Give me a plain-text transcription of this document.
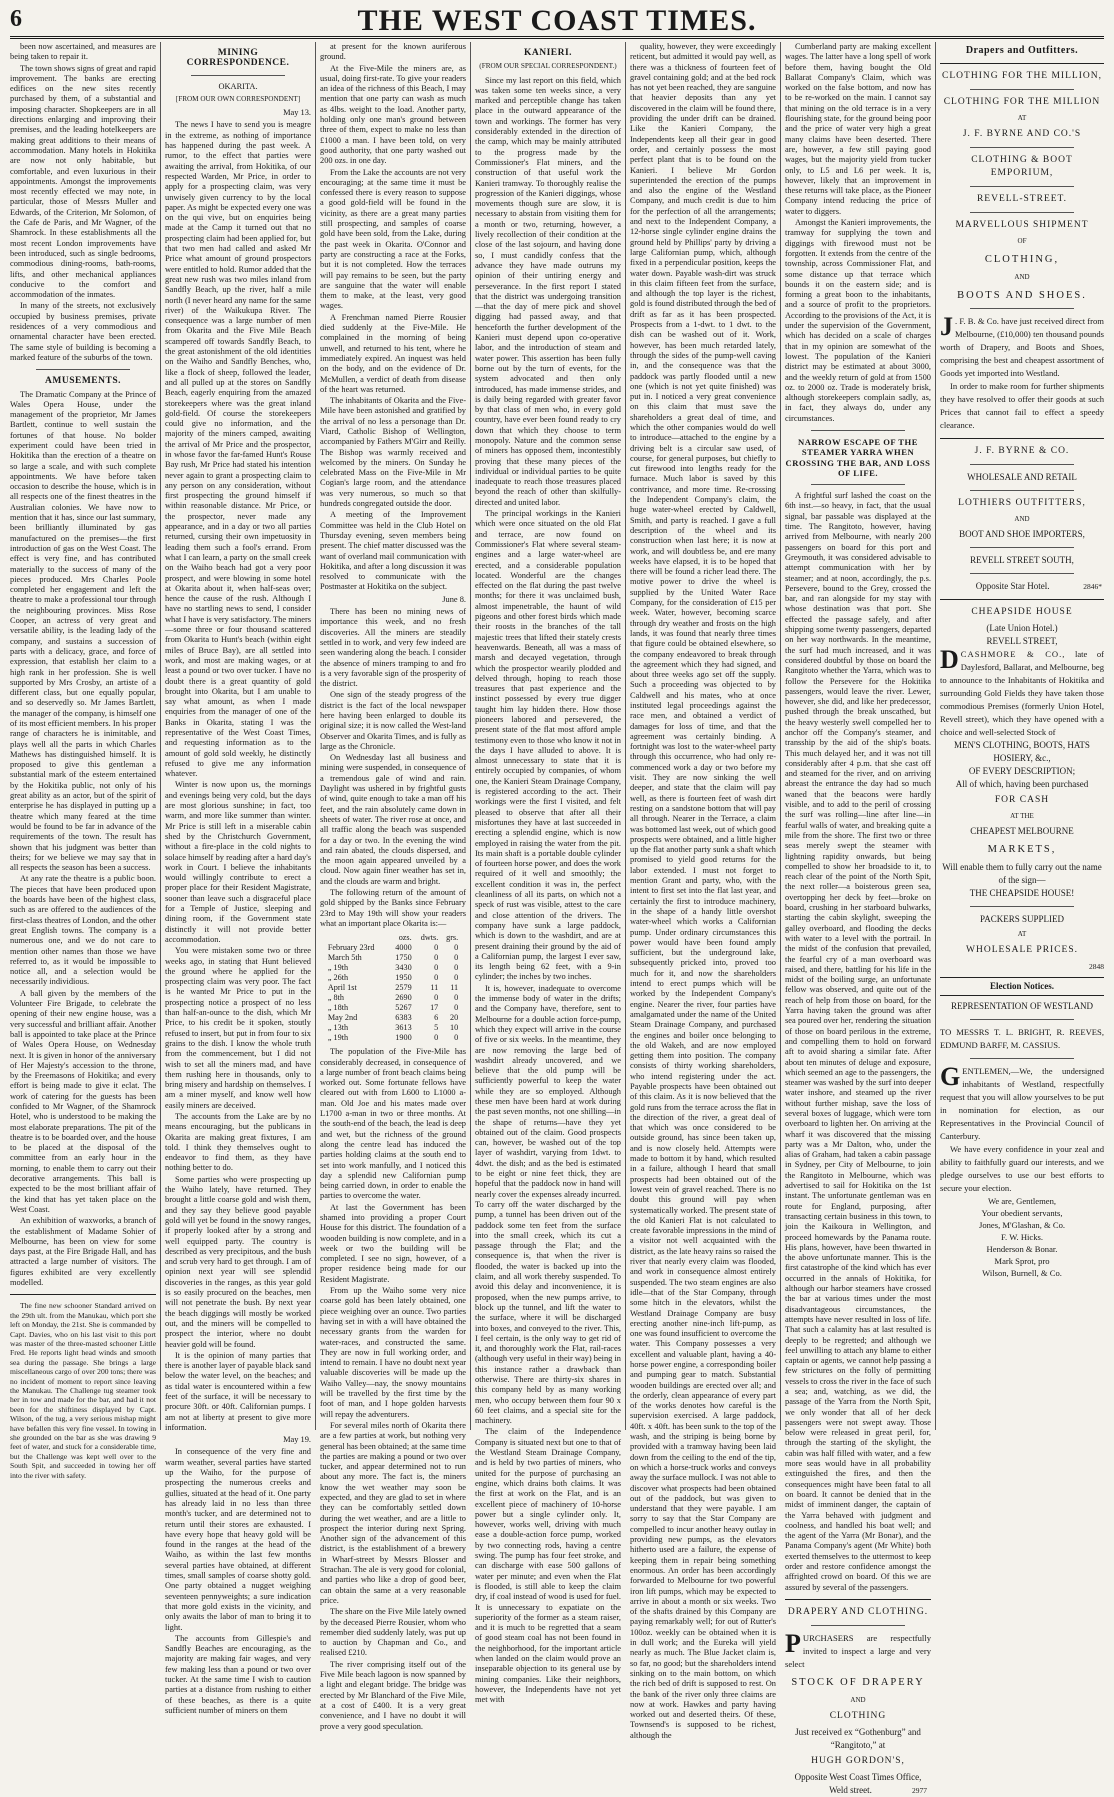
6	THE WEST COAST TIMES.

been now ascertained, and measures are being taken to repair it.

The town shows signs of great and rapid improvement. The banks are erecting edifices on the new sites recently purchased by them, of a substantial and imposing character. Shopkeepers are in all directions enlarging and improving their premises, and the leading hotelkeepers are making great additions to their means of accommodation. Many hotels in Hokitika are now not only habitable, but comfortable, and even luxurious in their appointments. Amongst the improvements most recently effected we may note, in particular, those of Messrs Muller and Edwards, of the Criterion, Mr Solomon, of the Cafe de Paris, and Mr Wagner, of the Shamrock. In these establishments all the most recent London improvements have been introduced, such as single bedrooms, commodious dining-rooms, bath-rooms, lifts, and other mechanical appliances conducive to the comfort and accommodation of the inmates.

In many of the streets, not exclusively occupied by business premises, private residences of a very commodious and ornamental character have been erected. The same style of building is becoming a marked feature of the suburbs of the town.

AMUSEMENTS.

The Dramatic Company at the Prince of Wales Opera House, under the management of the proprietor, Mr James Bartlett, continue to well sustain the fortunes of that house. No bolder experiment could have been tried in Hokitika than the erection of a theatre on so large a scale, and with such complete appointments. We have before taken occasion to describe the house, which is in all respects one of the finest theatres in the Australian colonies. We have now to mention that it has, since our last summary, been brilliantly illuminated by gas manufactured on the premises—the first introduction of gas on the West Coast. The effect is very fine, and has contributed materially to the success of many of the pieces produced. Mrs Charles Poole completed her engagement and left the theatre to make a professional tour through the neighbouring provinces. Miss Rose Cooper, an actress of very great and versatile ability, is the leading lady of the company, and sustains a succession of parts with a delicacy, grace, and force of expression, that establish her claim to a high rank in her profession. She is well supported by Mrs Crosby, an artiste of a different class, but one equally popular, and so deservedly so. Mr James Bartlett, the manager of the company, is himself one of its most efficient members. In his proper range of characters he is inimitable, and plays well all the parts in which Charles Mathews has distinguished himself. It is proposed to give this gentleman a substantial mark of the esteem entertained by the Hokitika public, not only of his great ability as an actor, but of the spirit of enterprise he has displayed in putting up a theatre which many feared at the time would be found to be far in advance of the requirements of the town. The result has shown that his judgment was better than theirs; for we believe we may say that in all respects the season has been a success.

At any rate the theatre is a public boon. The pieces that have been produced upon the boards have been of the highest class, such as are offered to the audiences of the first-class theatres of London, and the other great English towns. The company is a numerous one, and we do not care to mention other names than those we have referred to, as it would be impossible to notice all, and a selection would be necessarily individious.

A ball given by the members of the Volunteer Fire Brigade, to celebrate the opening of their new engine house, was a very successful and brilliant affair. Another ball is appointed to take place at the Prince of Wales Opera House, on Wednesday next. It is given in honor of the anniversary of Her Majesty's accession to the throne, by the Freemasons of Hokitika; and every effort is being made to give it eclat. The work of catering for the guests has been confided to Mr Wagner, of the Shamrock Hotel, who is understood to be making the most elaborate preparations. The pit of the theatre is to be boarded over, and the house to be placed at the disposal of the committee from an early hour in the morning, to enable them to carry out their decorative arrangements. This ball is expected to be the most brilliant affair of the kind that has yet taken place on the West Coast.

An exhibition of waxworks, a branch of the establishment of Madame Sohier of Melbourne, has been on view for some days past, at the Fire Brigade Hall, and has attracted a large number of visitors. The figures exhibited are very excellently modelled.

The fine new schooner Standard arrived on the 29th ult. from the Manukau, which port she left on Monday, the 21st. She is commanded by Capt. Davies, who on his last visit to this port was master of the three-masted schooner Little Fred. He reports light head winds and smooth sea during the passage. She brings a large miscellaneous cargo of over 200 tons; there was no incident of moment to report since leaving the Manukau. The Challenge tug steamer took her in tow and made for the bar, and had it not been for the shiftiness displayed by Capt. Wilson, of the tug, a very serious mishap might have befallen this very fine vessel. In towing in she grounded on the bar as she was drawing 9 feet of water, and stuck for a considerable time, but the Challenge was kept well over to the South Spit, and succeeded in towing her off into the river with safety.

MINING CORRESPONDENCE.
OKARITA.
[FROM OUR OWN CORRESPONDENT]
May 13.

The news I have to send you is meagre in the extreme, as nothing of importance has happened during the past week. A rumor, to the effect that parties were awaiting the arrival, from Hokitika, of our respected Warden, Mr Price, in order to apply for a prospecting claim, was very unwisely given currency to by the local paper. As might be expected every one was on the qui vive, but on enquiries being made at the Camp it turned out that no prospecting claim had been applied for, but that two men had called and asked Mr Price what amount of ground prospectors were entitled to hold. Rumor added that the great new rush was two miles inland from Sandfly Beach, up the river, half a mile north (I never heard any name for the same river) of the Waikukupa River. The consequence was a large number of men from Okarita and the Five Mile Beach scampered off towards Sandfly Beach, to the great astonishment of the old identities on the Waiho and Sandfly Benches, who, like a flock of sheep, followed the leader, and all pulled up at the stores on Sandfly Beach, eagerly enquiring from the amazed storekeepers where was the great inland gold-field. Of course the storekeepers could give no information, and the majority of the miners camped, awaiting the arrival of Mr Price and the prospector, in whose favor the far-famed Hunt's Rouse Bay rush, Mr Price had stated his intention never again to grant a prospecting claim to any person on any consideration, without first prospecting the ground himself if within reasonable distance. Mr Price, or the prospector, never made any appearance, and in a day or two all parties returned, cursing their own impetuosity in leading them such a fool's errand. From what I can learn, a party on the small creek on the Waiho beach had got a very poor prospect, and were blowing in some hotel at Okarita about it, when half-seas over; hence the cause of the rush. Although I have no startling news to send, I consider what I have is very satisfactory. The miners—some three or four thousand scattered from Okarita to Hunt's beach (within eight miles of Bruce Bay), are all settled into work, and most are making wages, or at least a pound or two over tucker. I have no doubt there is a great quantity of gold brought into Okarita, but I am unable to say what amount, as when I made enquiries from the manager of one of the Banks in Okarita, stating I was the representative of the West Coast Times, and requesting information as to the amount of gold sold weekly, he distinctly refused to give me any information whatever.

Winter is now upon us, the mornings and evenings being very cold, but the days are most glorious sunshine; in fact, too warm, and more like summer than winter. Mr Price is still left in a miserable cabin shed by the Christchurch Government, without a fire-place in the cold nights to solace himself by reading after a hard day's work in Court. I believe the inhabitants would willingly contribute to erect a proper place for their Resident Magistrate, sooner than leave such a disgraceful place for a Temple of Justice, sleeping and dining room, if the Government state distinctly it will not provide better accommodation.

You were mistaken some two or three weeks ago, in stating that Hunt believed the ground where he applied for the prospecting claim was very poor. The fact is he wanted Mr Price to put in the prospecting notice a prospect of no less than half-an-ounce to the dish, which Mr Price, to his credit be it spoken, stoutly refused to insert, but put in from four to six grains to the dish. I know the whole truth from the commencement, but I did not wish to set all the miners mad, and have them rushing here in thousands, only to bring misery and hardship on themselves. I am a miner myself, and know well how easily miners are deceived.

The accounts from the Lake are by no means encouraging, but the publicans in Okarita are making great fixtures, I am told. I think they themselves ought to endeavor to find them, as they have nothing better to do.

Some parties who were prospecting up the Waiho lately, have returned. They brought a little coarse gold and wish them, and they say they believe good payable gold will yet be found in the snowy ranges, if properly looked after by a strong and well equipped party. The country is described as very precipitous, and the bush and scrub very hard to get through. I am of opinion next year will see splendid discoveries in the ranges, as this year gold is so easily procured on the beaches, men will not penetrate the bush. By next year the beach diggings will mostly be worked out, and the miners will be compelled to prospect the interior, where no doubt heavier gold will be found.

It is the opinion of many parties that there is another layer of payable black sand below the water level, on the beaches; and as tidal water is encountered within a few feet of the surface, it will be necessary to procure 30ft. or 40ft. Californian pumps. I am not at liberty at present to give more information.

May 19.

In consequence of the very fine and warm weather, several parties have started up the Waiho, for the purpose of prospecting the numerous creeks and gullies, situated at the head of it. One party has already laid in no less than three month's tucker, and are determined not to return until their stores are exhausted. I have every hope that heavy gold will be found in the ranges at the head of the Waiho, as within the last few months several parties have obtained, at different times, small samples of coarse shotty gold. One party obtained a nugget weighing seventeen pennyweights; a sure indication that more gold exists in the vicinity, and only awaits the labor of man to bring it to light.

The accounts from Gillespie's and Sandfly Beaches are encouraging, as the majority are making fair wages, and very few making less than a pound or two over tucker. At the same time I wish to caution parties at a distance from rushing to either of these beaches, as there is a quite sufficient number of miners on them

at present for the known auriferous ground.

At the Five-Mile the miners are, as usual, doing first-rate. To give your readers an idea of the richness of this Beach, I may mention that one party can wash as much as 4lbs. weight to the load. Another party, holding only one man's ground between three of them, expect to make no less than £1000 a man. I have been told, on very good authority, that one party washed out 200 ozs. in one day.

From the Lake the accounts are not very encouraging; at the same time it must be confessed there is every reason to suppose a good gold-field will be found in the vicinity, as there are a great many parties still prospecting, and samples of coarse gold have been sold, from the Lake, during the past week in Okarita. O'Connor and party are constructing a race at the Forks, but it is not completed. How the terraces will pay remains to be seen, but the party are sanguine that the water will enable them to make, at the least, very good wages.

A Frenchman named Pierre Rousier died suddenly at the Five-Mile. He complained in the morning of being unwell, and returned to his tent, where he immediately expired. An inquest was held on the body, and on the evidence of Dr. McMullen, a verdict of death from disease of the heart was returned.

The inhabitants of Okarita and the Five-Mile have been astonished and gratified by the arrival of no less a personage than Dr. Viard, Catholic Bishop of Wellington, accompanied by Fathers M'Girr and Reilly. The Bishop was warmly received and welcomed by the miners. On Sunday he celebrated Mass on the Five-Mile in Mr Cogian's large room, and the attendance was very numerous, so much so that hundreds congregated outside the door.

A meeting of the Improvement Committee was held in the Club Hotel on Thursday evening, seven members being present. The chief matter discussed was the want of overland mail communication with Hokitika, and after a long discussion it was resolved to communicate with the Postmaster at Hokitika on the subject.

June 8.

There has been no mining news of importance this week, and no fresh discoveries. All the miners are steadily settled in to work, and very few indeed are seen wandering along the beach. I consider the absence of miners tramping to and fro is a very favorable sign of the prosperity of the district.

One sign of the steady progress of the district is the fact of the local newspaper here having been enlarged to double its original size; it is now called the West-land Observer and Okarita Times, and is fully as large as the Chronicle.

On Wednesday last all business and mining were suspended, in consequence of a tremendous gale of wind and rain. Daylight was ushered in by frightful gusts of wind, quite enough to take a man off his feet, and the rain absolutely came down in sheets of water. The river rose at once, and all traffic along the beach was suspended for a day or two. In the evening the wind and rain abated, the clouds dispersed, and the moon again appeared unveiled by a cloud. Now again finer weather has set in, and the clouds are warm and bright.

The following return of the amount of gold shipped by the Banks since February 23rd to May 19th will show your readers what an important place Okarita is:—

	ozs.	dwts.	grs.
February 23rd	4000	0	0
March 5th	1750	0	0
„ 19th	3430	0	0
„ 26th	1950	0	0
April 1st	2579	11	11
„ 8th	2690	0	0
„ 18th	5267	17	0
May 2nd	6383	6	20
„ 13th	3613	5	10
„ 19th	1900	0	0

The population of the Five-Mile has considerably decreased, in consequence of a large number of front beach claims being worked out. Some fortunate fellows have cleared out with from L600 to L1000 a-man. Old Joe and his mates made over L1700 a-man in two or three months. At the south-end of the beach, the lead is deep and wet, but the richness of the ground along the centre lead has induced the parties holding claims at the south end to set into work manfully, and I noticed this day a splendid new Californian pump being carried down, in order to enable the parties to overcome the water.

At last the Government has been shamed into providing a proper Court House for this district. The foundation of a wooden building is now complete, and in a week or two the building will be completed. I see no sign, however, of a proper residence being made for our Resident Magistrate.

From up the Waiho some very nice coarse gold has been lately obtained, one piece weighing over an ounce. Two parties having set in with a will have obtained the necessary grants from the warden for water-races, and constructed the same. They are now in full working order, and intend to remain. I have no doubt next year valuable discoveries will be made up the Waiho Valley—nay, the snowy mountains will be travelled by the first time by the foot of man, and I hope golden harvests will repay the adventurers.

For several miles north of Okarita there are a few parties at work, but nothing very general has been obtained; at the same time the parties are making a pound or two over tucker, and appear determined not to run about any more. The fact is, the miners know the wet weather may soon be expected, and they are glad to set in where they can be comfortably settled down during the wet weather, and are a little to prospect the interior during next Spring. Another sign of the advancement of this district, is the establishment of a brewery in Wharf-street by Messrs Blosser and Strachan. The ale is very good for colonial, and parties who like a drop of good beer, can obtain the same at a very reasonable price.

The share on the Five Mile lately owned by the deceased Pierre Rousier, whom who remember died suddenly lately, was put up to auction by Chapman and Co., and realised £210.

The river comprising itself out of the Five Mile beach lagoon is now spanned by a light and elegant bridge. The bridge was erected by Mr Blanchard of the Five Mile, at a cost of £400. It is a very great convenience, and I have no doubt it will prove a very good speculation.

KANIERI.
(FROM OUR SPECIAL CORRESPONDENT.)

Since my last report on this field, which was taken some ten weeks since, a very marked and perceptible change has taken place in the outward appearance of the town and workings. The former has very considerably extended in the direction of the camp, which may be mainly attributed to the progress made by the Commissioner's Flat miners, and the construction of that useful work the Kanieri tramway. To thoroughly realise the progression of the Kanieri diggings, whose movements though sure are slow, it is necessary to abstain from visiting them for a month or two, returning, however, a lively recollection of their condition at the close of the last sojourn, and having done so, I must candidly confess that the advance they have made outruns my opinion of their untiring energy and perseverance. In the first report I stated that the district was undergoing transition—that the day of mere pick and shovel digging had passed away, and that henceforth the further development of the Kanieri must depend upon co-operative labor, and the introduction of steam and water power. This assertion has been fully borne out by the turn of events, for the system advocated and then only introduced, has made immense strides, and is daily being regarded with greater favor by that class of men who, in every gold country, have ever been found ready to cry down that which they choose to term monopoly. Nature and the common sense of miners has opposed them, incontestibly proving that these many pieces of the individual or individual parties to be quite inadequate to reach those treasures placed beyond the reach of other than skilfully-directed and united labor.

The principal workings in the Kanieri which were once situated on the old Flat and terrace, are now found on Commissioner's Flat where several steam-engines and a large water-wheel are erected, and a considerable population located. Wonderful are the changes effected on the flat during the past twelve months; for there it was unclaimed bush, almost impenetrable, the haunt of wild pigeons and other forest birds which made their roosts in the branches of the tall majestic trees that lifted their stately crests heavenwards. Beneath, all was a mass of marsh and decayed vegetation, through which the prospector wearily plodded and delved through, hoping to reach those treasures that past experience and the instinct possessed by every true digger taught him lay hidden there. How those pioneers labored and persevered, the present state of the flat most afford ample testimony even to those who know it not in the days I have alluded to above. It is almost unnecessary to state that it is entirely occupied by companies, of whom one, the Kanieri Steam Drainage Company, is registered according to the act. Their workings were the first I visited, and felt pleased to observe that after all their misfortunes they have at last succeeded in erecting a splendid engine, which is now employed in raising the water from the pit. Its main shaft is a portable double cylinder of fourteen horse power, and does the work required of it well and smoothly; the excellent condition it was in, the perfect cleanliness of all its parts, on which not a speck of rust was visible, attest to the care and close attention of the drivers. The company have sunk a large paddock, which is down to the washdirt, and are at present draining their ground by the aid of a Californian pump, the largest I ever saw, its length being 62 feet, with a 9-in cylinder; the inches by two inches.

It is, however, inadequate to overcome the immense body of water in the drifts; and the Company have, therefore, sent to Melbourne for a double action force-pump, which they expect will arrive in the course of five or six weeks. In the meantime, they are now removing the large bed of washdirt already uncovered, and we believe that the old pump will be sufficiently powerful to keep the water while they are so employed. Although these men have been hard at work during the past seven months, not one shilling—in the shape of returns—have they yet obtained out of the claim. Good prospects can, however, be washed out of the top layer of washdirt, varying from 1dwt. to 4dwt. the dish; and as the bed is estimated to be eight or nine feet thick, they are hopeful that the paddock now in hand will nearly cover the expenses already incurred. To carry off the water discharged by the pump, a tunnel has been driven out of the paddock some ten feet from the surface into the small creek, which its cut a passage through the Flat; and the consequence is, that when the river is flooded, the water is backed up into the claim, and all work thereby suspended. To avoid this delay and inconvenience, it is proposed, when the new pumps arrive, to block up the tunnel, and lift the water to the surface, where it will be discharged into boxes, and conveyed to the river. This, I feel certain, is the only way to get rid of it, and thoroughly work the Flat, rail-races (although very useful in their way) being in this instance rather a drawback than otherwise. There are thirty-six shares in this company held by as many working men, who occupy between them four 90 x 60 feet claims, and a special site for the machinery.

The claim of the Independence Company is situated next but one to that of the Westland Steam Drainage Company, and is held by two parties of miners, who united for the purpose of purchasing an engine, which drains both claims. It was the first at work on the Flat, and is an excellent piece of machinery of 10-horse power but a single cylinder only. It, however, works well, driving with much ease a double-action force pump, worked by two connecting rods, having a centre swing. The pump has four feet stroke, and can discharge with ease 500 gallons of water per minute; and even when the Flat is flooded, is still able to keep the claim dry, if coal instead of wood is used for fuel. It is unnecessary to expatiate on the superiority of the former as a steam raiser, and it is much to be regretted that a seam of good steam coal has not been found in the neighborhood, for the important article when landed on the claim would prove an inseparable objection to its general use by mining companies. Like their neighbors, however, the Independents have not yet met with

quality, however, they were exceedingly reticent, but admitted it would pay well, as there was a thickness of fourteen feet of gravel containing gold; and at the bed rock has not yet been reached, they are sanguine that heavier deposits than any yet discovered in the claim will be found there, providing the under drift can be drained. Like the Kanieri Company, the Independents keep all their gear in good order, and certainly possess the most perfect plant that is to be found on the Kanieri. I believe Mr Gordon superintended the erection of the pumps and also the engine of the Westland Company, and much credit is due to him for the perfection of all the arrangements; and next to the Independent Company, a 12-horse single cylinder engine drains the ground held by Phillips' party by driving a large Californian pump, which, although fixed in a perpendicular position, keeps the water down. Payable wash-dirt was struck in this claim fifteen feet from the surface, and although the top layer is the richest, gold is found distributed through the bed of drift as far as it has been prospected. Prospects from a 1-dwt. to 1 dwt. to the dish can be washed out of it. Work, however, has been much retarded lately, through the sides of the pump-well caving in, and the consequence was that the paddock was partly flooded until a new one (which is not yet quite finished) was put in. I noticed a very great convenience on this claim that must save the shareholders a great deal of time, and which the other companies would do well to introduce—attached to the engine by a driving belt is a circular saw used, of course, for general purposes, but chiefly to cut firewood into lengths ready for the furnace. Much labor is saved by this contrivance, and more time. Re-crossing the Independent Company's claim, the huge water-wheel erected by Caldwell, Smith, and party is reached. I gave a full description of the wheel and its construction when last here; it is now at work, and will doubtless be, and ere many weeks have elapsed, it is to be hoped that there will be found a richer lead there. The motive power to drive the wheel is supplied by the United Water Race Company, for the consideration of £15 per week. Water, however, becoming scarce through dry weather and frosts on the high lands, it was found that nearly three times that figure could be obtained elsewhere, so the company endeavored to break through the agreement which they had signed, and about three weeks ago set off the supply. Such a proceeding was objected to by Caldwell and his mates, who at once instituted legal proceedings against the race men, and obtained a verdict of damages for loss of time, and that the agreement was certainly binding. A fortnight was lost to the water-wheel party through this occurrence, who had only re-commenced work a day or two before my visit. They are now sinking the well deeper, and state that the claim will pay well, as there is fourteen feet of wash dirt resting on a sandstone bottom that will pay all through. Nearer in the Terrace, a claim was bottomed last week, out of which good prospects were obtained, and a little higher up the flat another party sunk a shaft which promised to yield good returns for the labor extended. I must not forget to mention Grant and party, who, with the intent to first set into the flat last year, and certainly the first to introduce machinery, in the shape of a handy little overshot water-wheel which works a Californian pump. Under ordinary circumstances this power would have been found amply sufficient, but the underground lake, subsequently pricked into, proved too much for it, and now the shareholders intend to erect pumps which will be worked by the Independent Company's engine. Nearer the river, four parties have amalgamated under the name of the United Steam Drainage Company, and purchased the engines and boiler once belonging to the old Wakeh, and are now employed getting them into position. The company consists of thirty working shareholders, who intend registering under the act. Payable prospects have been obtained out of this claim. As it is now believed that the gold runs from the terrace across the flat in the direction of the river, a great deal of that which was once considered to be outside ground, has since been taken up, and is now closely held. Attempts were made to bottom it by hand, which resulted in a failure, although I heard that small prospects had been obtained out of the lowest vein of gravel reached. There is no doubt this ground will pay when systematically worked. The present state of the old Kanieri Flat is not calculated to create favorable impressions in the mind of a visitor not well acquainted with the district, as the late heavy rains so raised the river that nearly every claim was flooded, and work in consequence almost entirely suspended. The two steam engines are also idle—that of the Star Company, through some hitch in the elevators, whilst the Westland Drainage Company are busy erecting another nine-inch lift-pump, as one was found insufficient to overcome the water. This Company possesses a very excellent and valuable plant, having a 40-horse power engine, a corresponding boiler and pumping gear to match. Substantial wooden buildings are erected over all; and the orderly, clean appearance of every part of the works denotes how careful is the supervision exercised. A large paddock, 40ft. x 40ft. has been sunk to the top of the wash, and the striping is being borne by provided with a tramway having been laid down from the ceiling to the end of the tip, on which a horse-truck works and conveys away the surface mullock. I was not able to discover what prospects had been obtained out of the paddock, but was given to understand that they were payable. I am sorry to say that the Star Company are compelled to incur another heavy outlay in providing new pumps, as the elevators hitherto used are a failure, the expense of keeping them in repair being something enormous. An order has been accordingly forwarded to Melbourne for two powerful iron lift pumps, which may be expected to arrive in about a month or six weeks. Two of the shafts drained by this Company are paying remarkably well; for out of Rutter's 100oz. weekly can be obtained when it is in dull work; and the Eureka will yield nearly as much. The Blue Jacket claim is, so far, no good; but the shareholders intend sinking on to the main bottom, on which the rich bed of drift is supposed to rest. On the bank of the river only three claims are now at work. Hawkes and party having worked out and deserted theirs. Of these, Townsend's is supposed to be richest, although the

Cumberland party are making excellent wages. The latter have a long spell of work before them, having bought the Old Ballarat Company's Claim, which was worked on the false bottom, and now has to be re-worked on the main. I cannot say that mining on the old terrace is in a very flourishing state, for the ground being poor and the price of water very high a great many claims have been deserted. There are, however, a few still paying good wages, but the majority yield from tucker only, to L5 and L6 per week. It is, however, likely that an improvement in these returns will take place, as the Pioneer Company intend reducing the price of water to diggers.

Amongst the Kanieri improvements, the tramway for supplying the town and diggings with firewood must not be forgotten. It extends from the centre of the township, across Commissioner Flat, and some distance up that terrace which bounds it on the eastern side; and is forming a great boon to the inhabitants, and a source of profit to the proprietors. According to the provisions of the Act, it is under the supervision of the Government, which has decided on a scale of charges that in my opinion are somewhat of the lowest. The population of the Kanieri district may be estimated at about 3000, and the weekly return of gold at from 1500 oz. to 2000 oz. Trade is moderately brisk, although storekeepers complain sadly, as, in fact, they always do, under any circumstances.

NARROW ESCAPE OF THE STEAMER YARRA WHEN CROSSING THE BAR, AND LOSS OF LIFE.

A frightful surf lashed the coast on the 6th inst.—so heavy, in fact, that the usual signal, bar passable was displayed at the time. The Rangitoto, however, having arrived from Melbourne, with nearly 200 passengers on board for this port and Greymouth, it was considered advisable to attempt communication with her by steamer; and at noon, accordingly, the p.s. Persevere, bound to the Grey, crossed the bar, and ran alongside for my stay with whose destination was that port. She effected the passage safely, and after shipping some twenty passengers, departed on her way northwards. In the meantime, the surf had much increased, and it was considered doubtful by those on board the Rangitoto whether the Yarra, which was to follow the Persevere for the Hokitika passengers, would leave the river. Lewer, however, she did, and like her predecessor, pushed through the break unscathed, but the heavy westerly swell compelled her to anchor off the Company's steamer, and transship by the aid of the ship's boats. This much delayed her, and it was not till considerably after 4 p.m. that she cast off and steamed for the river, and on arriving abreast the entrance the day had so much waned that the beacons were hardly visible, and to add to the peril of crossing the surf was rolling—line after line—in fearful walls of water, and breaking quite a mile from the shore. The first two or three seas merely swept the steamer with lightning rapidity onwards, but being compelled to show her broadside to it, to reach clear of the point of the North Spit, the next roller—a boisterous green sea, overtopping her deck by feet—broke on board, crushing in her starboard bulwarks, starting the cabin skylight, sweeping the galley overboard, and flooding the decks with water to a level with the portrail. In the midst of the confusion that prevailed, the fearful cry of a man overboard was raised, and there, battling for his life in the midst of the boiling surge, an unfortunate fellow was observed, and quite out of the reach of help from those on board, for the Yarra having taken the ground was after sea poured over her, rendering the situation of those on board perilous in the extreme, and compelling them to hold on forward aft to avoid sharing a similar fate. After about ten minutes of deluge and exposure, which seemed an age to the passengers, the steamer was washed by the surf into deeper water inshore, and steamed up the river without further mishap, save the loss of several boxes of luggage, which were torn overboard to lighten her. On arriving at the wharf it was discovered that the missing party was a Mr Dalton, who, under the alias of Graham, had taken a cabin passage in Sydney, per City of Melbourne, to join the Rangitoto in Melbourne, which was advertised to sail for Hokitika on the 1st instant. The unfortunate gentleman was en route for England, purposing, after transacting certain business in this town, to join the Kaikoura in Wellington, and proceed homewards by the Panama route. His plans, however, have been thwarted in the above unfortunate manner. This is the first catastrophe of the kind which has ever occurred in the annals of Hokitika, for although our harbor steamers have crossed the bar at various times under the most disadvantageous circumstances, the attempts have never resulted in loss of life. That such a calamity has at last resulted is deeply to be regretted; and although we feel unwilling to attach any blame to either captain or agents, we cannot help passing a few strictures on the folly of permitting vessels to cross the river in the face of such a sea; and, watching, as we did, the passage of the Yarra from the North Spit, we only wonder that all of her deck passengers were not swept away. Those below were released in great peril, for, through the starting of the skylight, the cabin was half filled with water, and a few more seas would have in all probability extinguished the fires, and then the consequences might have been fatal to all on board. It cannot be denied that in the midst of imminent danger, the captain of the Yarra behaved with judgment and coolness, and handled his boat well; and the agent of the Yarra (Mr Bonar), and the Panama Company's agent (Mr White) both exerted themselves to the uttermost to keep order and restore confidence amongst the affrighted crowd on board. Of this we are assured by several of the passengers.

DRAPERY AND CLOTHING.
PURCHASERS are respectfully invited to inspect a large and very select
STOCK OF DRAPERY
AND
CLOTHING
Just received ex “Gothenburg” and
“Rangitoto,” at
HUGH GORDON'S,
Opposite West Coast Times Office,
Weld street.	2977
Drapers and Outfitters.
CLOTHING FOR THE MILLION,
CLOTHING FOR THE MILLION
AT
J. F. BYRNE AND CO.'S
CLOTHING & BOOT EMPORIUM,
REVELL-STREET.
MARVELLOUS SHIPMENT
OF
CLOTHING,
AND
BOOTS AND SHOES.
J . F. B. & Co. have just received direct from Melbourne, (£10,000) ten thousand pounds worth of Drapery, and Boots and Shoes, comprising the best and cheapest assortment of Goods yet imported into Westland.
In order to make room for further shipments they have resolved to offer their goods at such Prices that cannot fail to effect a speedy clearance.
J. F. BYRNE & CO.
WHOLESALE AND RETAIL
LOTHIERS OUTFITTERS,
AND
BOOT AND SHOE IMPORTERS,
REVELL STREET SOUTH,
Opposite Star Hotel.	2846*
CHEAPSIDE HOUSE
(Late Union Hotel.)
REVELL STREET,
DCASHMORE & CO., late of Daylesford, Ballarat, and Melbourne, beg to announce to the Inhabitants of Hokitika and surrounding Gold Fields they have taken those commodious Premises (formerly Union Hotel, Revell street), which they have opened with a choice and well-selected Stock of
MEN'S CLOTHING, BOOTS, HATS
HOSIERY, &c.,
OF EVERY DESCRIPTION;
All of which, having been purchased
FOR CASH
AT THE
CHEAPEST MELBOURNE
MARKETS,
Will enable them to fully carry out the name of the sign—
THE CHEAPSIDE HOUSE!
PACKERS SUPPLIED
AT
WHOLESALE PRICES.
2848
Election Notices.
REPRESENTATION OF WESTLAND
TO MESSRS T. L. BRIGHT, R. REEVES, EDMUND BARFF, M. CASSIUS.
GENTLEMEN,—We, the undersigned inhabitants of Westland, respectfully request that you will allow yourselves to be put in nomination for election, as our Representatives in the Provincial Council of Canterbury.
We have every confidence in your zeal and ability to faithfully guard our interests, and we pledge ourselves to use our best efforts to secure your election.
We are, Gentlemen,
Your obedient servants,
Jones, M'Glashan, & Co.
F. W. Hicks.
Henderson & Bonar.
Mark Sprot, pro
Wilson, Burnell, & Co.
